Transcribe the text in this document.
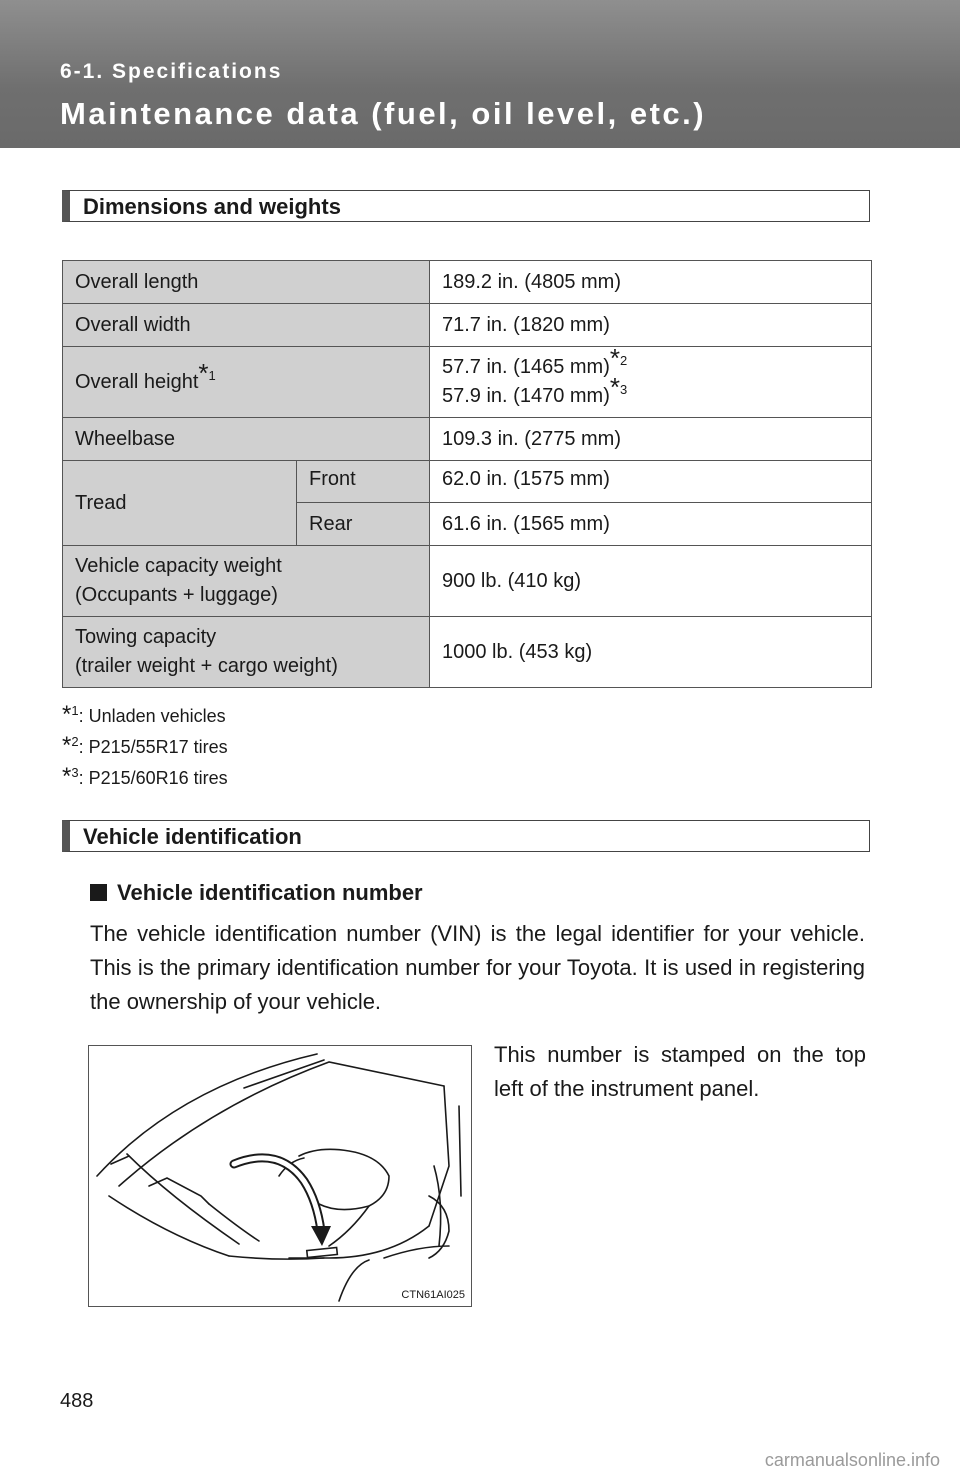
6-1. Specifications
Maintenance data (fuel, oil level, etc.)
Dimensions and weights
Overall length		189.2 in. (4805 mm)
Overall width		71.7 in. (1820 mm)
Overall height$^{*1}$		57.7 in. (1465 mm)$^{*2}$
57.9 in. (1470 mm)$^{*3}$
Wheelbase		109.3 in. (2775 mm)
Tread	Front	62.0 in. (1575 mm)
	Rear	61.6 in. (1565 mm)
Vehicle capacity weight
(Occupants + luggage)		900 lb. (410 kg)
Towing capacity
(trailer weight + cargo weight)		1000 lb. (453 kg)
*$^1$: Unladen vehicles
*$^2$: P215/55R17 tires
*$^3$: P215/60R16 tires
Vehicle identification
Vehicle identification number
The vehicle identification number (VIN) is the legal identifier for your vehicle. This is the primary identification number for your Toyota. It is used in registering the ownership of your vehicle.
CTN61AI025
This number is stamped on the top left of the instrument panel.
488
carmanualsonline.info
